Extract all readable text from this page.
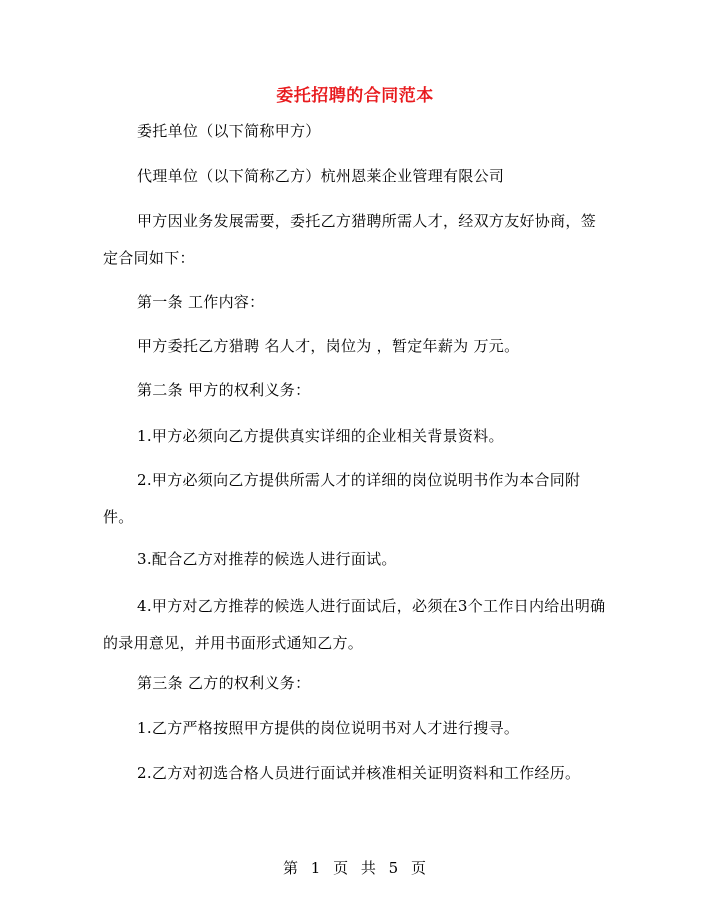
委托招聘的合同范本
委托单位（以下简称甲方）
代理单位（以下简称乙方）杭州恩莱企业管理有限公司
甲方因业务发展需要，委托乙方猎聘所需人才，经双方友好协商，签定合同如下：
第一条 工作内容：
甲方委托乙方猎聘 名人才，岗位为 ，暂定年薪为 万元。
第二条 甲方的权利义务：
1.甲方必须向乙方提供真实详细的企业相关背景资料。
2.甲方必须向乙方提供所需人才的详细的岗位说明书作为本合同附件。
3.配合乙方对推荐的候选人进行面试。
4.甲方对乙方推荐的候选人进行面试后，必须在3个工作日内给出明确的录用意见，并用书面形式通知乙方。
第三条 乙方的权利义务：
1.乙方严格按照甲方提供的岗位说明书对人才进行搜寻。
2.乙方对初选合格人员进行面试并核准相关证明资料和工作经历。
第 1 页 共 5 页
